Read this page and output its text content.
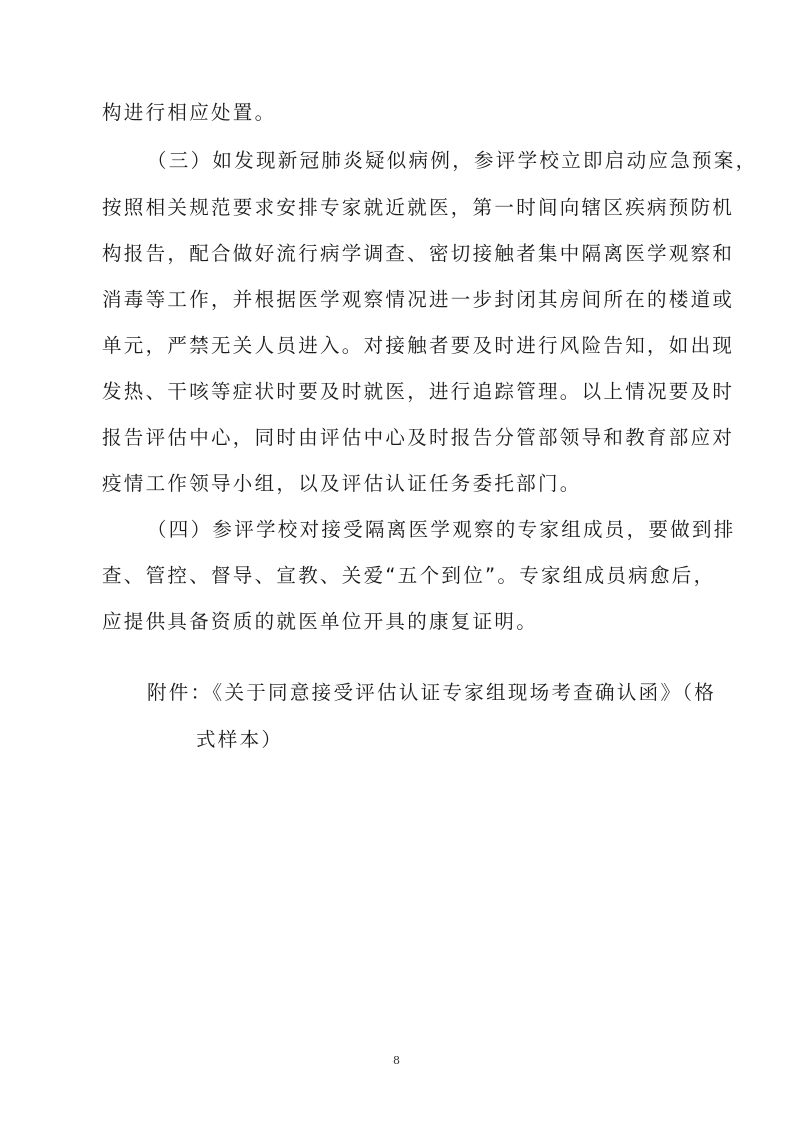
构进行相应处置。
（三）如发现新冠肺炎疑似病例，参评学校立即启动应急预案，
按照相关规范要求安排专家就近就医，第一时间向辖区疾病预防机
构报告，配合做好流行病学调查、密切接触者集中隔离医学观察和
消毒等工作，并根据医学观察情况进一步封闭其房间所在的楼道或
单元，严禁无关人员进入。对接触者要及时进行风险告知，如出现
发热、干咳等症状时要及时就医，进行追踪管理。以上情况要及时
报告评估中心，同时由评估中心及时报告分管部领导和教育部应对
疫情工作领导小组，以及评估认证任务委托部门。
（四）参评学校对接受隔离医学观察的专家组成员，要做到排
查、管控、督导、宣教、关爱“五个到位”。专家组成员病愈后，
应提供具备资质的就医单位开具的康复证明。
附件：《关于同意接受评估认证专家组现场考查确认函》（格
式样本）
8
